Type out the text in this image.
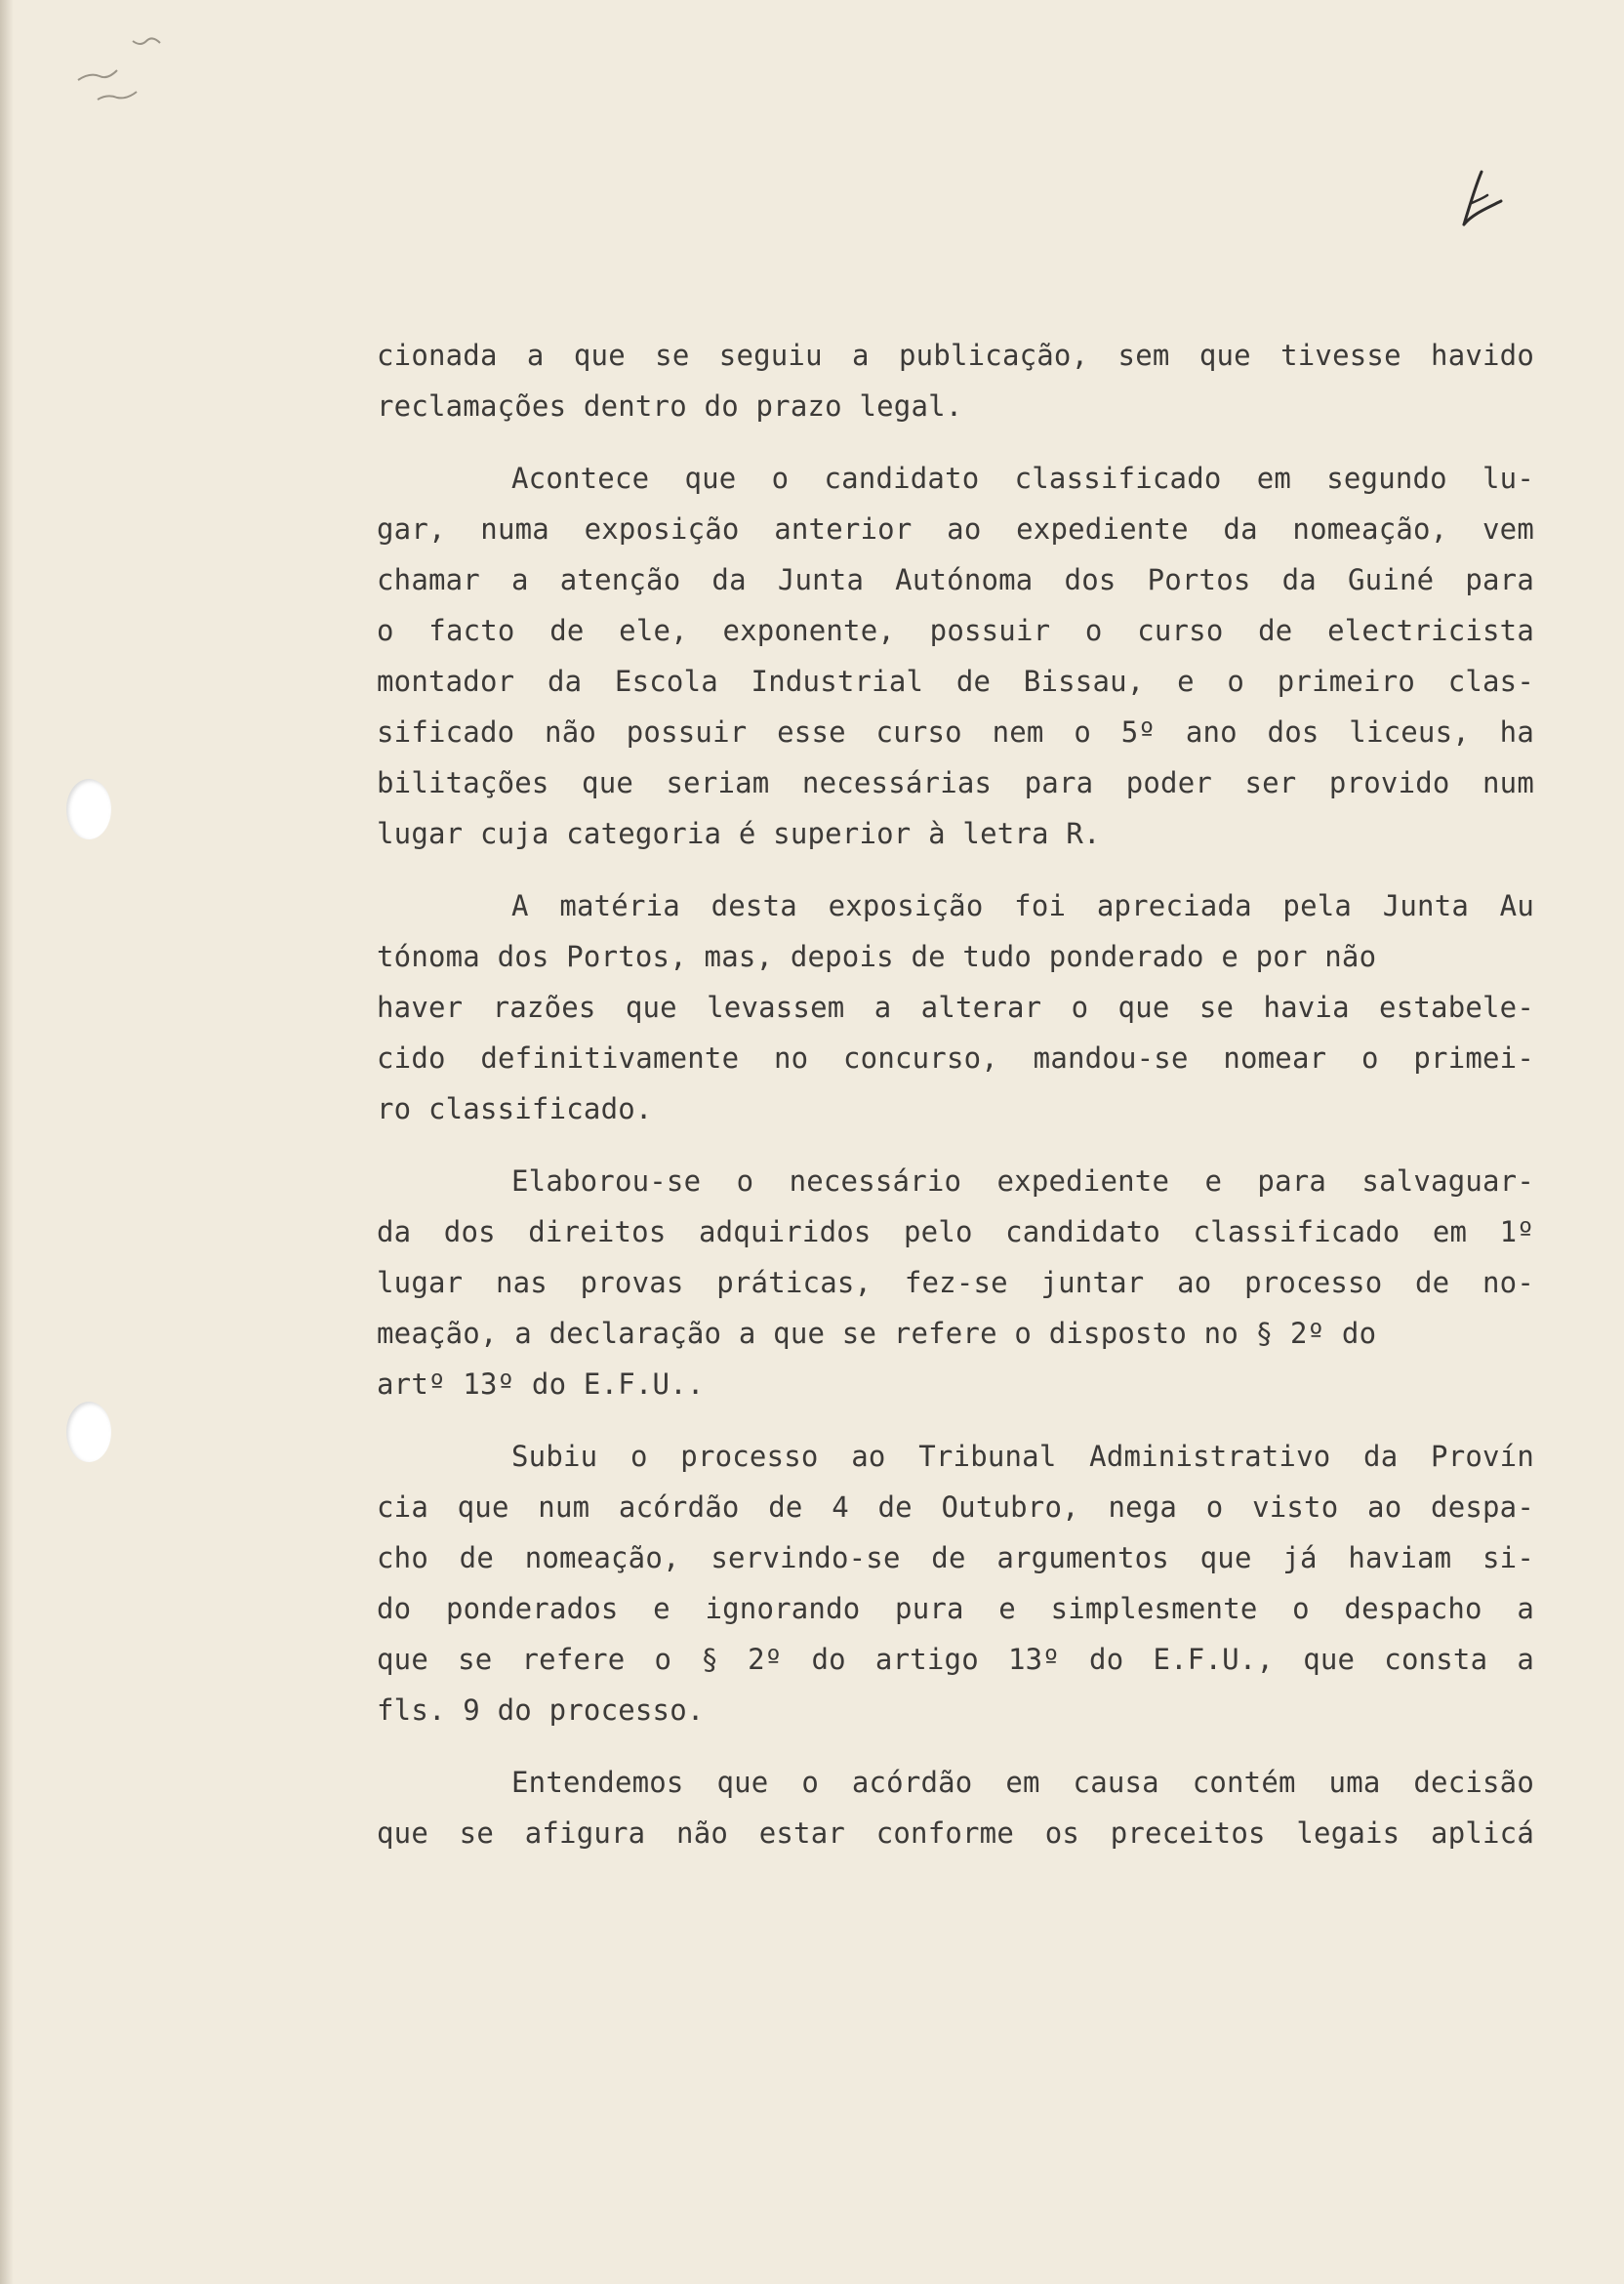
cionada a que se seguiu a publicação, sem que tivesse havido
reclamações dentro do prazo legal.
Acontece que o candidato classificado em segundo lu-
gar, numa exposição anterior ao expediente da nomeação, vem
chamar a atenção da Junta Autónoma dos Portos da Guiné para
o facto de ele, exponente, possuir o curso de electricista
montador da Escola Industrial de Bissau, e o primeiro clas-
sificado não possuir esse curso nem o 5º ano dos liceus, ha
bilitações que seriam necessárias para poder ser provido num
lugar cuja categoria é superior à letra R.
A matéria desta exposição foi apreciada pela Junta Au
tónoma dos Portos, mas, depois de tudo ponderado e por não
haver razões que levassem a alterar o que se havia estabele-
cido definitivamente no concurso, mandou-se nomear o primei-
ro classificado.
Elaborou-se o necessário expediente e para salvaguar-
da dos direitos adquiridos pelo candidato classificado em 1º
lugar nas provas práticas, fez-se juntar ao processo de no-
meação, a declaração a que se refere o disposto no § 2º do
artº 13º do E.F.U..
Subiu o processo ao Tribunal Administrativo da Provín
cia que num acórdão de 4 de Outubro, nega o visto ao despa-
cho de nomeação, servindo-se de argumentos que já haviam si-
do ponderados e ignorando pura e simplesmente o despacho a
que se refere o § 2º do artigo 13º do E.F.U., que consta a
fls. 9 do processo.
Entendemos que o acórdão em causa contém uma decisão
que se afigura não estar conforme os preceitos legais aplicá
